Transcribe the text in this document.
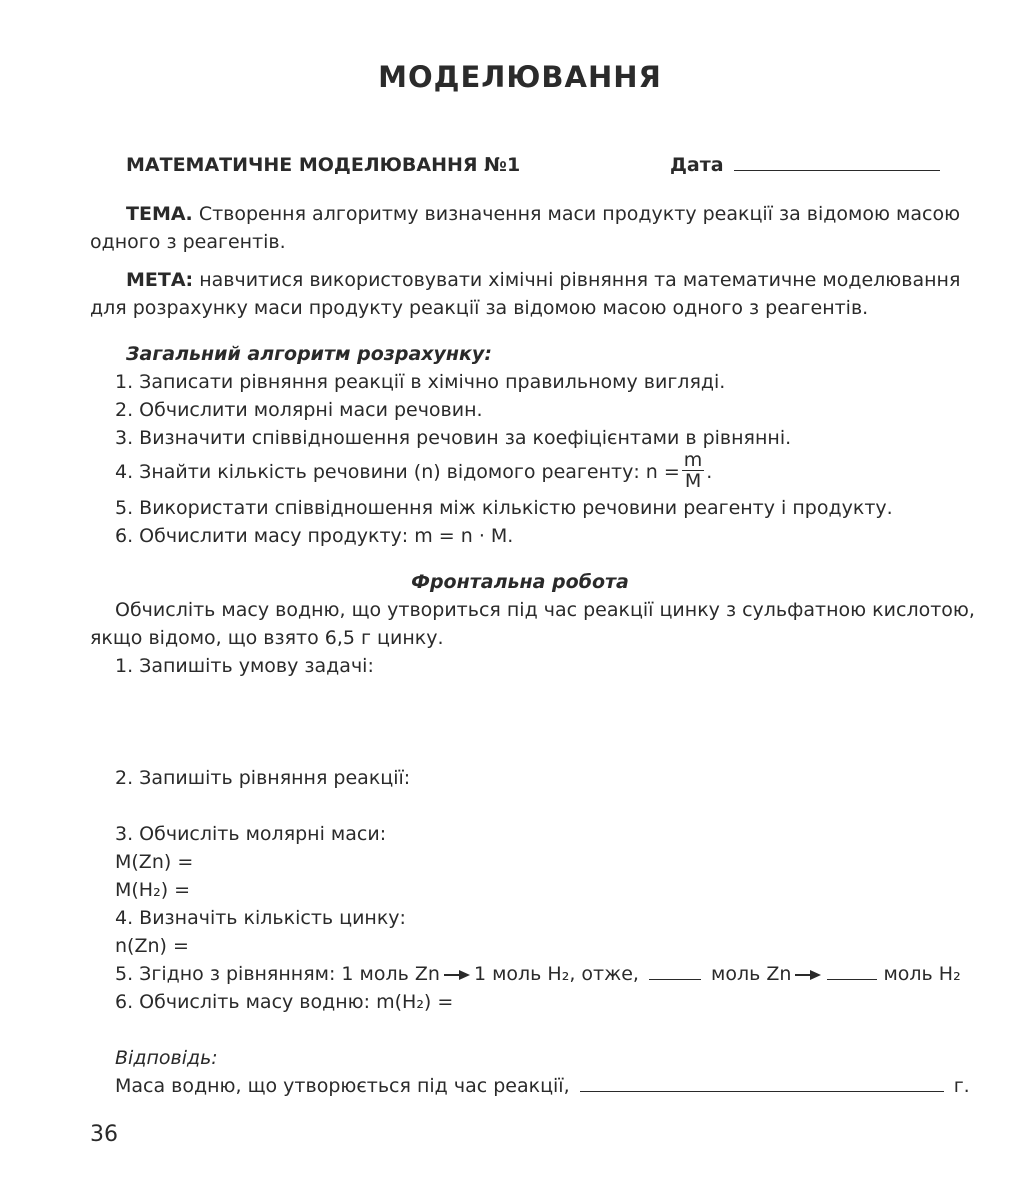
МОДЕЛЮВАННЯ
МАТЕМАТИЧНЕ МОДЕЛЮВАННЯ №1	Дата
ТЕМА. Створення алгоритму визначення маси продукту реакції за відомою масою
одного з реагентів.
МЕТА: навчитися використовувати хімічні рівняння та математичне моделювання
для розрахунку маси продукту реакції за відомою масою одного з реагентів.
Загальний алгоритм розрахунку:
1. Записати рівняння реакції в хімічно правильному вигляді.
2. Обчислити молярні маси речовин.
3. Визначити співвідношення речовин за коефіцієнтами в рівнянні.
4. Знайти кількість речовини (n) відомого реагенту: $n = \frac{m}{M}$ .
5. Використати співвідношення між кількістю речовини реагенту і продукту.
6. Обчислити масу продукту: m = n · M.
Фронтальна робота
Обчисліть масу водню, що утвориться під час реакції цинку з сульфатною кислотою,
якщо відомо, що взято 6,5 г цинку.
1. Запишіть умову задачі:
2. Запишіть рівняння реакції:
3. Обчисліть молярні маси:
M(Zn) =
M(H₂) =
4. Визначіть кількість цинку:
n(Zn) =
5. Згідно з рівнянням: 1 моль Zn → 1 моль H₂, отже,	моль Zn →	моль H₂
6. Обчисліть масу водню: m(H₂) =
Відповідь:
Маса водню, що утворюється під час реакції,	г.
36
